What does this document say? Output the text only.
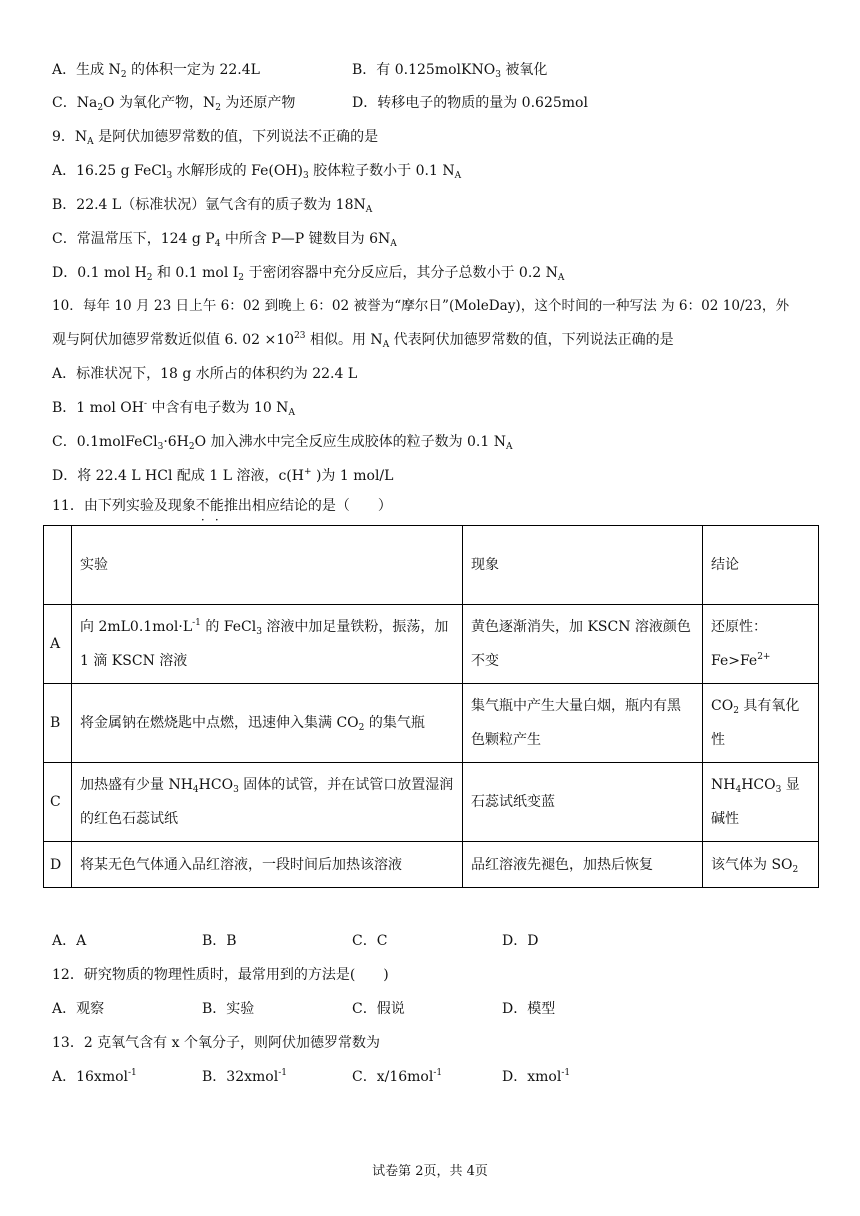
A．生成 $N_2$ 的体积一定为 22.4L	B．有 0.125molKNO$_3$ 被氧化
C．$Na_2O$ 为氧化产物，$N_2$ 为还原产物	D．转移电子的物质的量为 0.625mol
9．$N_A$ 是阿伏加德罗常数的值，下列说法不正确的是
A．16.25 g FeCl$_3$ 水解形成的 $Fe(OH)_3$ 胶体粒子数小于 0.1 $N_A$
B．22.4 L（标准状况）氩气含有的质子数为 $18N_A$
C．常温常压下，124 g $P_4$ 中所含 P—P 键数目为 $6N_A$
D．0.1 mol $H_2$ 和 0.1 mol $I_2$ 于密闭容器中充分反应后，其分子总数小于 0.2 $N_A$
10．每年 10 月 23 日上午 6：02 到晚上 6：02 被誉为“摩尔日”(MoleDay)，这个时间的一种写法 为 6：02 10/23，外
观与阿伏加德罗常数近似值 6. $02 \times 10^{23}$ 相似。用 $N_A$ 代表阿伏加德罗常数的值，下列说法正确的是
A．标准状况下，18 g 水所占的体积约为 22.4 L
B．1 mol OH- 中含有电子数为 10 $N_A$
C．$0.1molFeCl_3\cdot 6H_2O$ 加入沸水中完全反应生成胶体的粒子数为 0.1 $N_A$
D．将 22.4 L HCl 配成 1 L 溶液，c(H+ )为 1 mol/L
11．由下列实验及现象不能推出相应结论的是（　　）
	实验	现象	结论
A	向 $2mL0.1mol\cdot L^{-1}$ 的 FeCl$_3$ 溶液中加足量铁粉，振荡，加 1 滴 KSCN 溶液	黄色逐渐消失，加 KSCN 溶液颜色不变	还原性：$Fe>Fe^{2+}$
B	将金属钠在燃烧匙中点燃，迅速伸入集满 $CO_2$ 的集气瓶	集气瓶中产生大量白烟，瓶内有黑色颗粒产生	$CO_2$ 具有氧化性
C	加热盛有少量 $NH_4HCO_3$ 固体的试管，并在试管口放置湿润的红色石蕊试纸	石蕊试纸变蓝	$NH_4HCO_3$ 显碱性
D	将某无色气体通入品红溶液，一段时间后加热该溶液	品红溶液先褪色，加热后恢复	该气体为 $SO_2$
A．A	B．B	C．C	D．D
12．研究物质的物理性质时，最常用到的方法是(　　)
A．观察	B．实验	C．假说	D．模型
13．2 克氧气含有 x 个氧分子，则阿伏加德罗常数为
A．16xmol$^{-1}$	B．32xmol$^{-1}$	C．x/16mol$^{-1}$	D．xmol$^{-1}$
试卷第 2页，共 4页
